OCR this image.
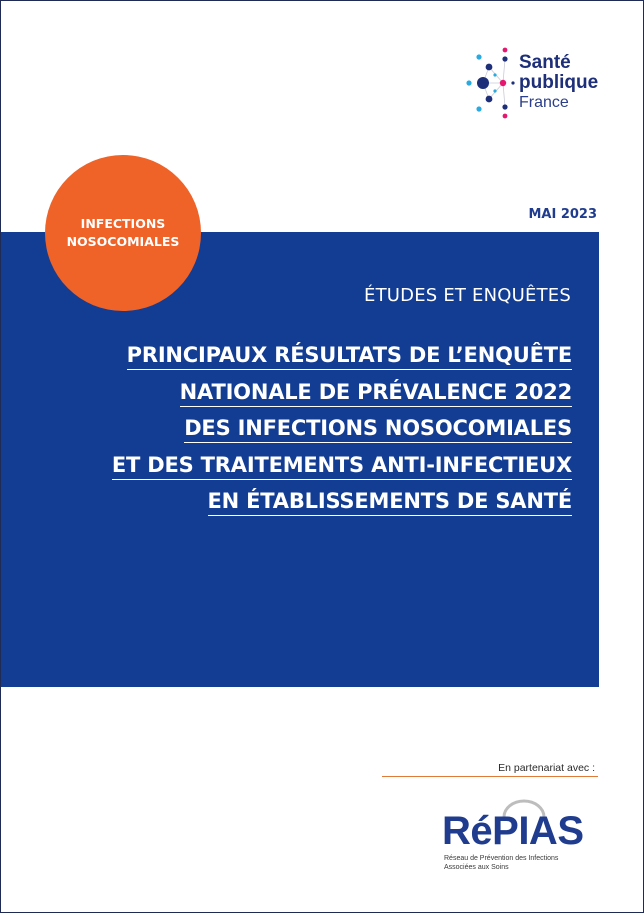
Santé
publique
France
MAI 2023
INFECTIONS
NOSOCOMIALES
ÉTUDES ET ENQUÊTES
PRINCIPAUX RÉSULTATS DE L’ENQUÊTE
NATIONALE DE PRÉVALENCE 2022
DES INFECTIONS NOSOCOMIALES
ET DES TRAITEMENTS ANTI-INFECTIEUX
EN ÉTABLISSEMENTS DE SANTÉ
En partenariat avec :
RéPIAS
Réseau de Prévention des Infections
Associées aux Soins
